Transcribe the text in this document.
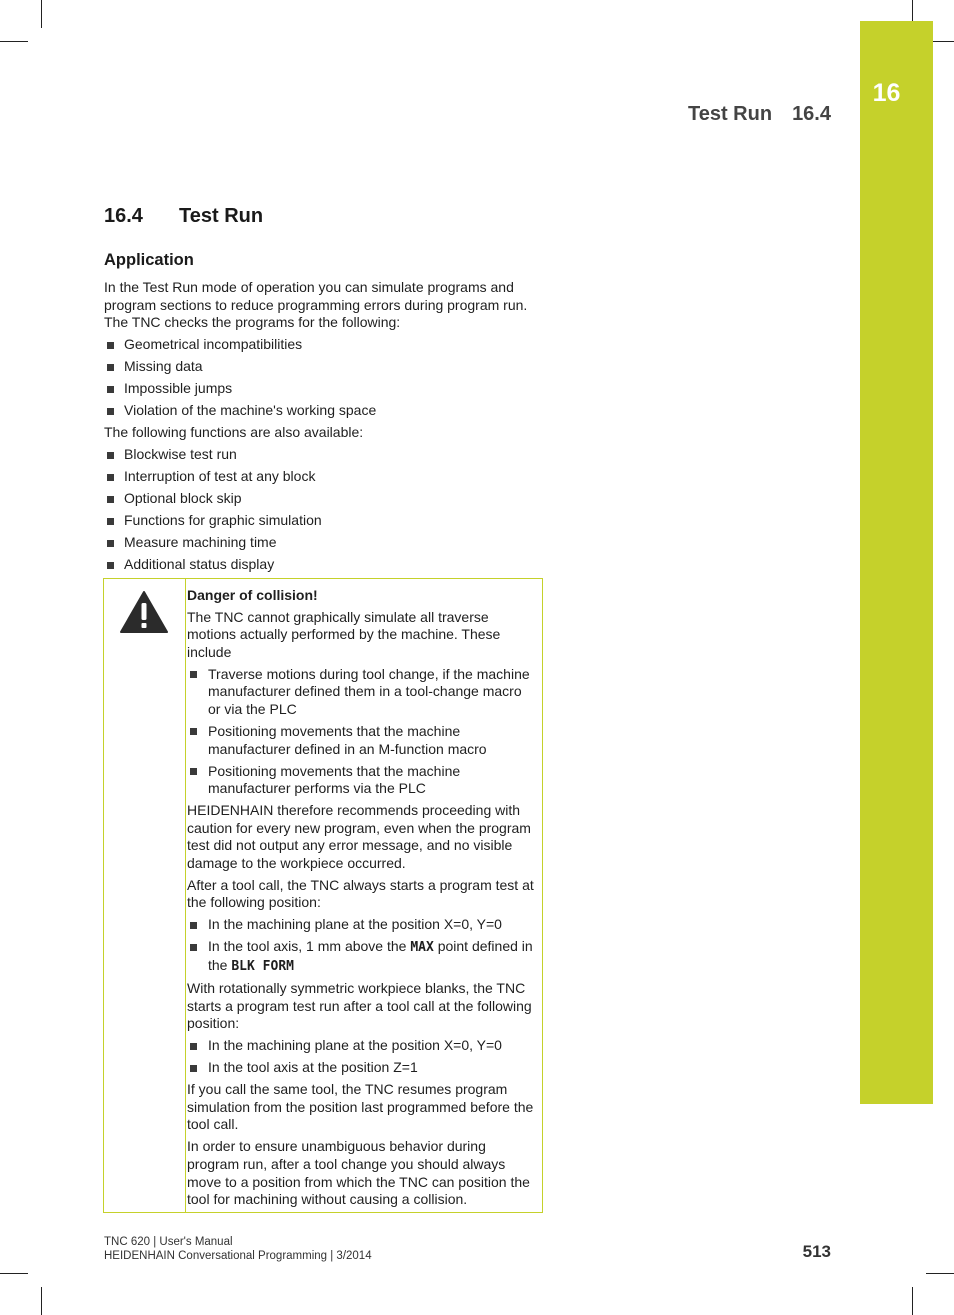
16
Test Run 16.4
16.4 Test Run
Application

In the Test Run mode of operation you can simulate programs and program sections to reduce programming errors during program run. The TNC checks the programs for the following:

Geometrical incompatibilities
Missing data
Impossible jumps
Violation of the machine's working space

The following functions are also available:

Blockwise test run
Interruption of test at any block
Optional block skip
Functions for graphic simulation
Measure machining time
Additional status display

Danger of collision!

The TNC cannot graphically simulate all traverse motions actually performed by the machine. These include

Traverse motions during tool change, if the machine manufacturer defined them in a tool-change macro or via the PLC
Positioning movements that the machine manufacturer defined in an M-function macro
Positioning movements that the machine manufacturer performs via the PLC

HEIDENHAIN therefore recommends proceeding with caution for every new program, even when the program test did not output any error message, and no visible damage to the workpiece occurred.

After a tool call, the TNC always starts a program test at the following position:

In the machining plane at the position X=0, Y=0
In the tool axis, 1 mm above the MAX point defined in the BLK FORM

With rotationally symmetric workpiece blanks, the TNC starts a program test run after a tool call at the following position:

In the machining plane at the position X=0, Y=0
In the tool axis at the position Z=1

If you call the same tool, the TNC resumes program simulation from the position last programmed before the tool call.

In order to ensure unambiguous behavior during program run, after a tool change you should always move to a position from which the TNC can position the tool for machining without causing a collision.

TNC 620 | User's Manual
HEIDENHAIN Conversational Programming | 3/2014	513
